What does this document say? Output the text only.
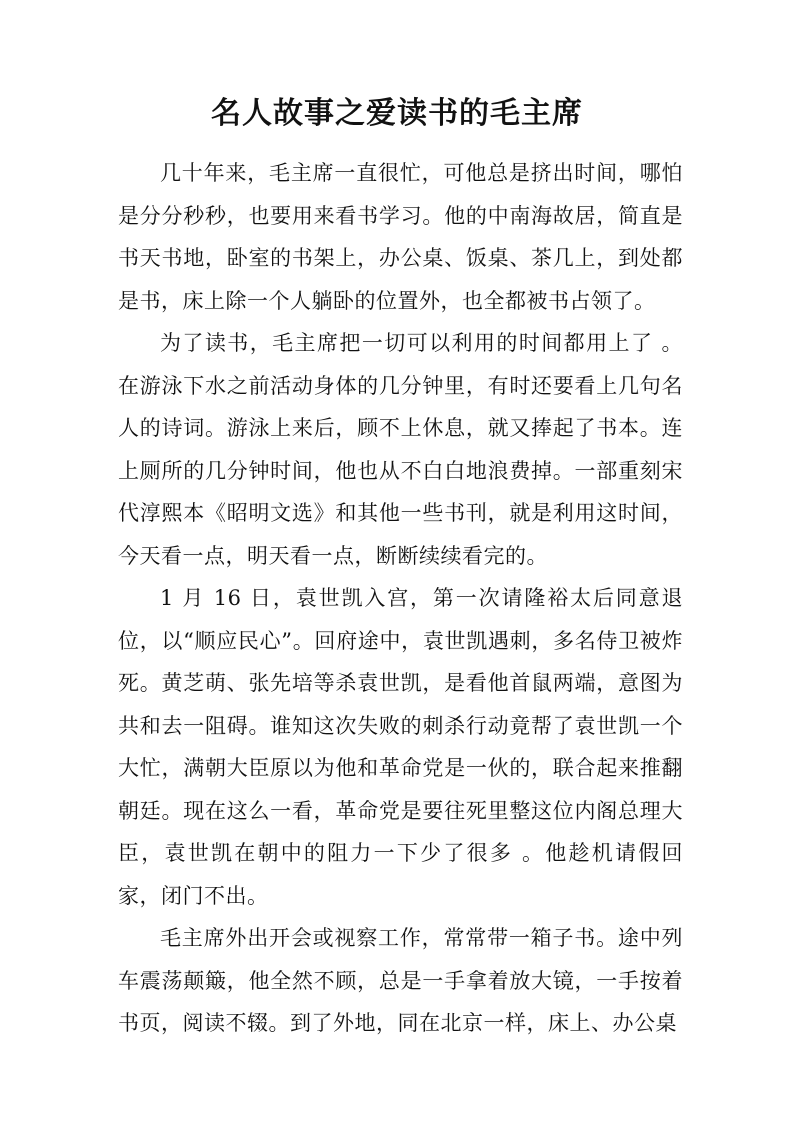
名人故事之爱读书的毛主席

几十年来，毛主席一直很忙，可他总是挤出时间，哪怕是分分秒秒，也要用来看书学习。他的中南海故居，简直是书天书地，卧室的书架上，办公桌、饭桌、茶几上，到处都是书，床上除一个人躺卧的位置外，也全都被书占领了。

为了读书，毛主席把一切可以利用的时间都用上了 。在游泳下水之前活动身体的几分钟里，有时还要看上几句名人的诗词。游泳上来后，顾不上休息，就又捧起了书本。连上厕所的几分钟时间，他也从不白白地浪费掉。一部重刻宋代淳熙本《昭明文选》和其他一些书刊，就是利用这时间，今天看一点，明天看一点，断断续续看完的。

1 月 16 日，袁世凯入宫，第一次请隆裕太后同意退位，以“顺应民心”。回府途中，袁世凯遇刺，多名侍卫被炸死。黄芝萌、张先培等杀袁世凯，是看他首鼠两端，意图为共和去一阻碍。谁知这次失败的刺杀行动竟帮了袁世凯一个大忙，满朝大臣原以为他和革命党是一伙的，联合起来推翻朝廷。现在这么一看，革命党是要往死里整这位内阁总理大臣，袁世凯在朝中的阻力一下少了很多 。他趁机请假回家，闭门不出。

毛主席外出开会或视察工作，常常带一箱子书。途中列车震荡颠簸，他全然不顾，总是一手拿着放大镜，一手按着书页，阅读不辍。到了外地，同在北京一样，床上、办公桌
